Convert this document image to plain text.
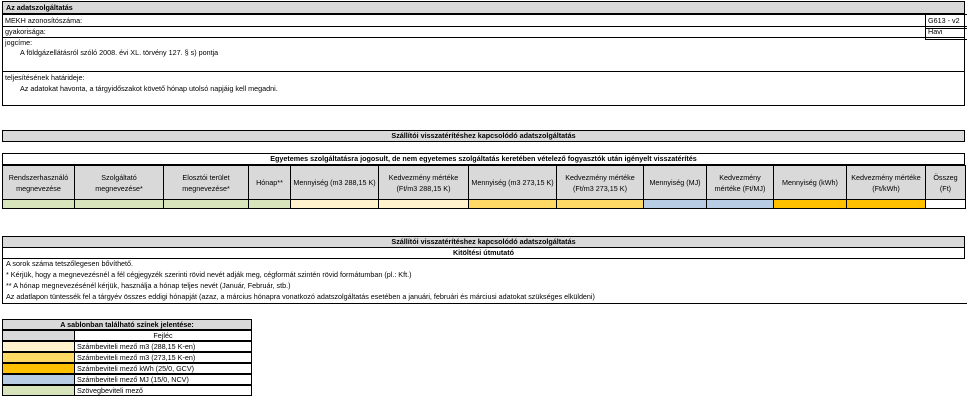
Az adatszolgáltatás
MEKH azonosítószáma:	G613 - v2
gyakorisága:	Havi
jogcíme:
A földgázellátásról szóló 2008. évi XL. törvény 127. § s) pontja
teljesítésének határideje:
Az adatokat havonta, a tárgyidőszakot követő hónap utolsó napjáig kell megadni.
Szállítói visszatérítéshez kapcsolódó adatszolgáltatás
Egyetemes szolgáltatásra jogosult, de nem egyetemes szolgáltatás keretében vételező fogyasztók után igényelt visszatérítés
Rendszerhasználó megnevezése	Szolgáltató megnevezése*	Elosztói terület megnevezése*	Hónap**	Mennyiség (m3 288,15 K)	Kedvezmény mértéke (Ft/m3 288,15 K)	Mennyiség (m3 273,15 K)	Kedvezmény mértéke (Ft/m3 273,15 K)	Mennyiség (MJ)	Kedvezmény mértéke (Ft/MJ)	Mennyiség (kWh)	Kedvezmény mértéke (Ft/kWh)	Összeg (Ft)

Szállítói visszatérítéshez kapcsolódó adatszolgáltatás
Kitöltési útmutató
A sorok száma tetszőlegesen bővíthető.
* Kérjük, hogy a megnevezésnél a fél cégjegyzék szerinti rövid nevét adják meg, cégformát szintén rövid formátumban (pl.: Kft.)
** A hónap megnevezésénél kérjük, használja a hónap teljes nevét (Január, Február, stb.)
Az adatlapon tüntessék fel a tárgyév összes eddigi hónapját (azaz, a március hónapra vonatkozó adatszolgáltatás esetében a januári, februári és márciusi adatokat szükséges elküldeni)
A sablonban található színek jelentése:
Fejléc
Számbeviteli mező m3 (288,15 K-en)
Számbeviteli mező m3 (273,15 K-en)
Számbeviteli mező kWh (25/0, GCV)
Számbeviteli mező MJ (15/0, NCV)
Szövegbeviteli mező
